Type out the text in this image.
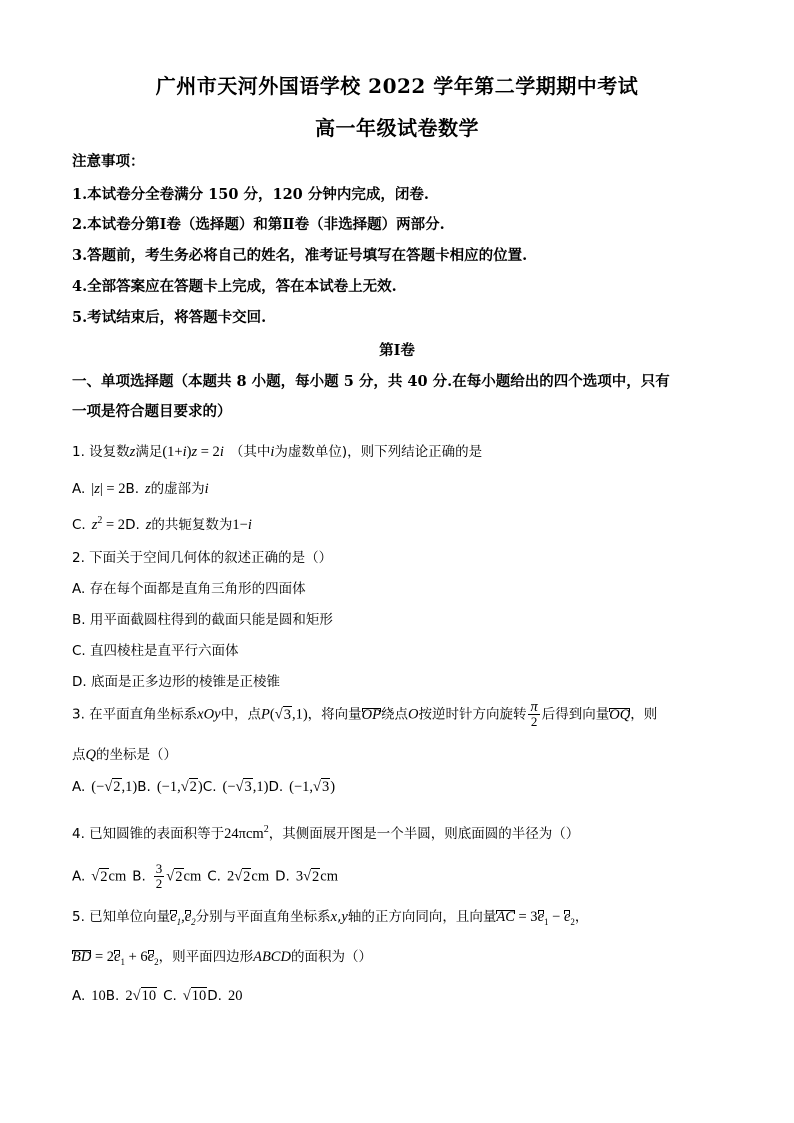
广州市天河外国语学校 2022 学年第二学期期中考试
高一年级试卷数学
注意事项：
1.本试卷分全卷满分 150 分，120 分钟内完成，闭卷.
2.本试卷分第Ⅰ卷（选择题）和第Ⅱ卷（非选择题）两部分.
3.答题前，考生务必将自己的姓名，准考证号填写在答题卡相应的位置.
4.全部答案应在答题卡上完成，答在本试卷上无效.
5.考试结束后，将答题卡交回.
第Ⅰ卷
一、单项选择题（本题共 8 小题，每小题 5 分，共 40 分.在每小题给出的四个选项中，只有
一项是符合题目要求的）
1. 设复数z满足(1+i)z = 2i （其中i为虚数单位)，则下列结论正确的是
A. |z| = 2B. z的虚部为i
C. $z^2 = 2D$. z的共轭复数为1−i
2. 下面关于空间几何体的叙述正确的是（）
A. 存在每个面都是直角三角形的四面体
B. 用平面截圆柱得到的截面只能是圆和矩形
C. 直四棱柱是直平行六面体
D. 底面是正多边形的棱锥是正棱锥
3. 在平面直角坐标系xOy中，点P(√3,1)，将向量OP绕点O按逆时针方向旋转 $\frac{\pi}{2}$ 后得到向量OQ，则
点Q的坐标是（）
A. (−√2,1)B. (−1,√2)C. (−√3,1)D. (−1,√3)
4. 已知圆锥的表面积等于24πcm$^2$，其侧面展开图是一个半圆，则底面圆的半径为（）
A. √2cm B. $\frac{3}{2} √2cm$ C. 2√2cm D. 3√2cm
5. 已知单位向量$e_1,e_2$分别与平面直角坐标系x,y轴的正方向同向，且向量AC = $3e_1 - e_2$，
BD = $2e_1 + 6e_2$，则平面四边形ABCD的面积为（）
A. 10B. 2√10 C. √10D. 20
